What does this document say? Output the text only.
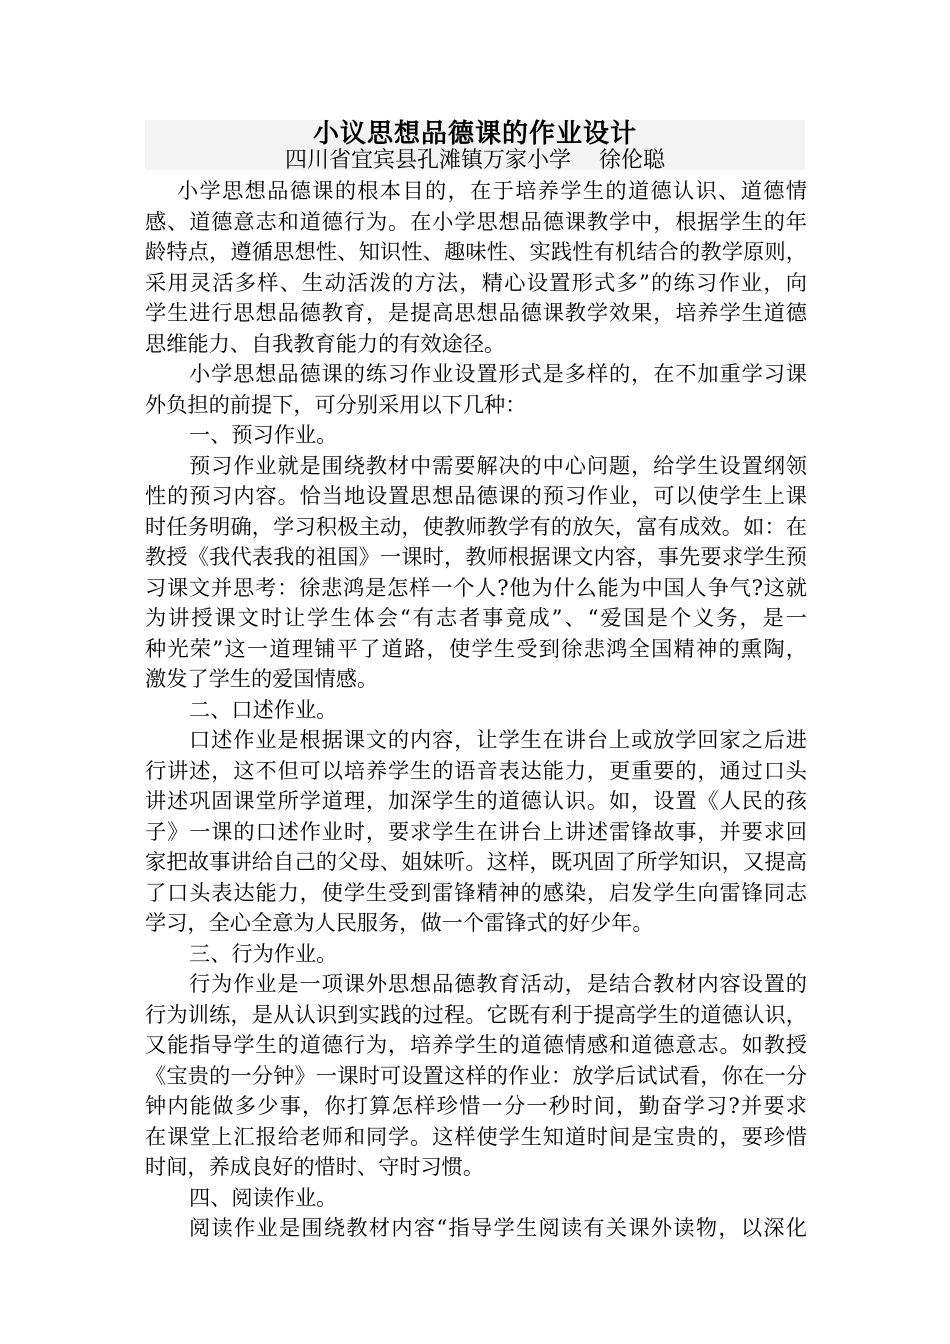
小议思想品德课的作业设计
四川省宜宾县孔滩镇万家小学 徐伦聪
小学思想品德课的根本目的，在于培养学生的道德认识、道德情
感、道德意志和道德行为。在小学思想品德课教学中，根据学生的年
龄特点，遵循思想性、知识性、趣味性、实践性有机结合的教学原则，
采用灵活多样、生动活泼的方法，精心设置形式多”的练习作业，向
学生进行思想品德教育，是提高思想品德课教学效果，培养学生道德
思维能力、自我教育能力的有效途径。
小学思想品德课的练习作业设置形式是多样的，在不加重学习课
外负担的前提下，可分别采用以下几种：
一、预习作业。
预习作业就是围绕教材中需要解决的中心问题，给学生设置纲领
性的预习内容。恰当地设置思想品德课的预习作业，可以使学生上课
时任务明确，学习积极主动，使教师教学有的放矢，富有成效。如：在
教授《我代表我的祖国》一课时，教师根据课文内容，事先要求学生预
习课文并思考：徐悲鸿是怎样一个人?他为什么能为中国人争气?这就
为讲授课文时让学生体会“有志者事竟成”、“爱国是个义务，是一
种光荣”这一道理铺平了道路，使学生受到徐悲鸿全国精神的熏陶，
激发了学生的爱国情感。
二、口述作业。
口述作业是根据课文的内容，让学生在讲台上或放学回家之后进
行讲述，这不但可以培养学生的语音表达能力，更重要的，通过口头
讲述巩固课堂所学道理，加深学生的道德认识。如，设置《人民的孩
子》一课的口述作业时，要求学生在讲台上讲述雷锋故事，并要求回
家把故事讲给自己的父母、姐妹听。这样，既巩固了所学知识，又提高
了口头表达能力，使学生受到雷锋精神的感染，启发学生向雷锋同志
学习，全心全意为人民服务，做一个雷锋式的好少年。
三、行为作业。
行为作业是一项课外思想品德教育活动，是结合教材内容设置的
行为训练，是从认识到实践的过程。它既有利于提高学生的道德认识，
又能指导学生的道德行为，培养学生的道德情感和道德意志。如教授
《宝贵的一分钟》一课时可设置这样的作业：放学后试试看，你在一分
钟内能做多少事，你打算怎样珍惜一分一秒时间，勤奋学习?并要求
在课堂上汇报给老师和同学。这样使学生知道时间是宝贵的，要珍惜
时间，养成良好的惜时、守时习惯。
四、阅读作业。
阅读作业是围绕教材内容“指导学生阅读有关课外读物，以深化
